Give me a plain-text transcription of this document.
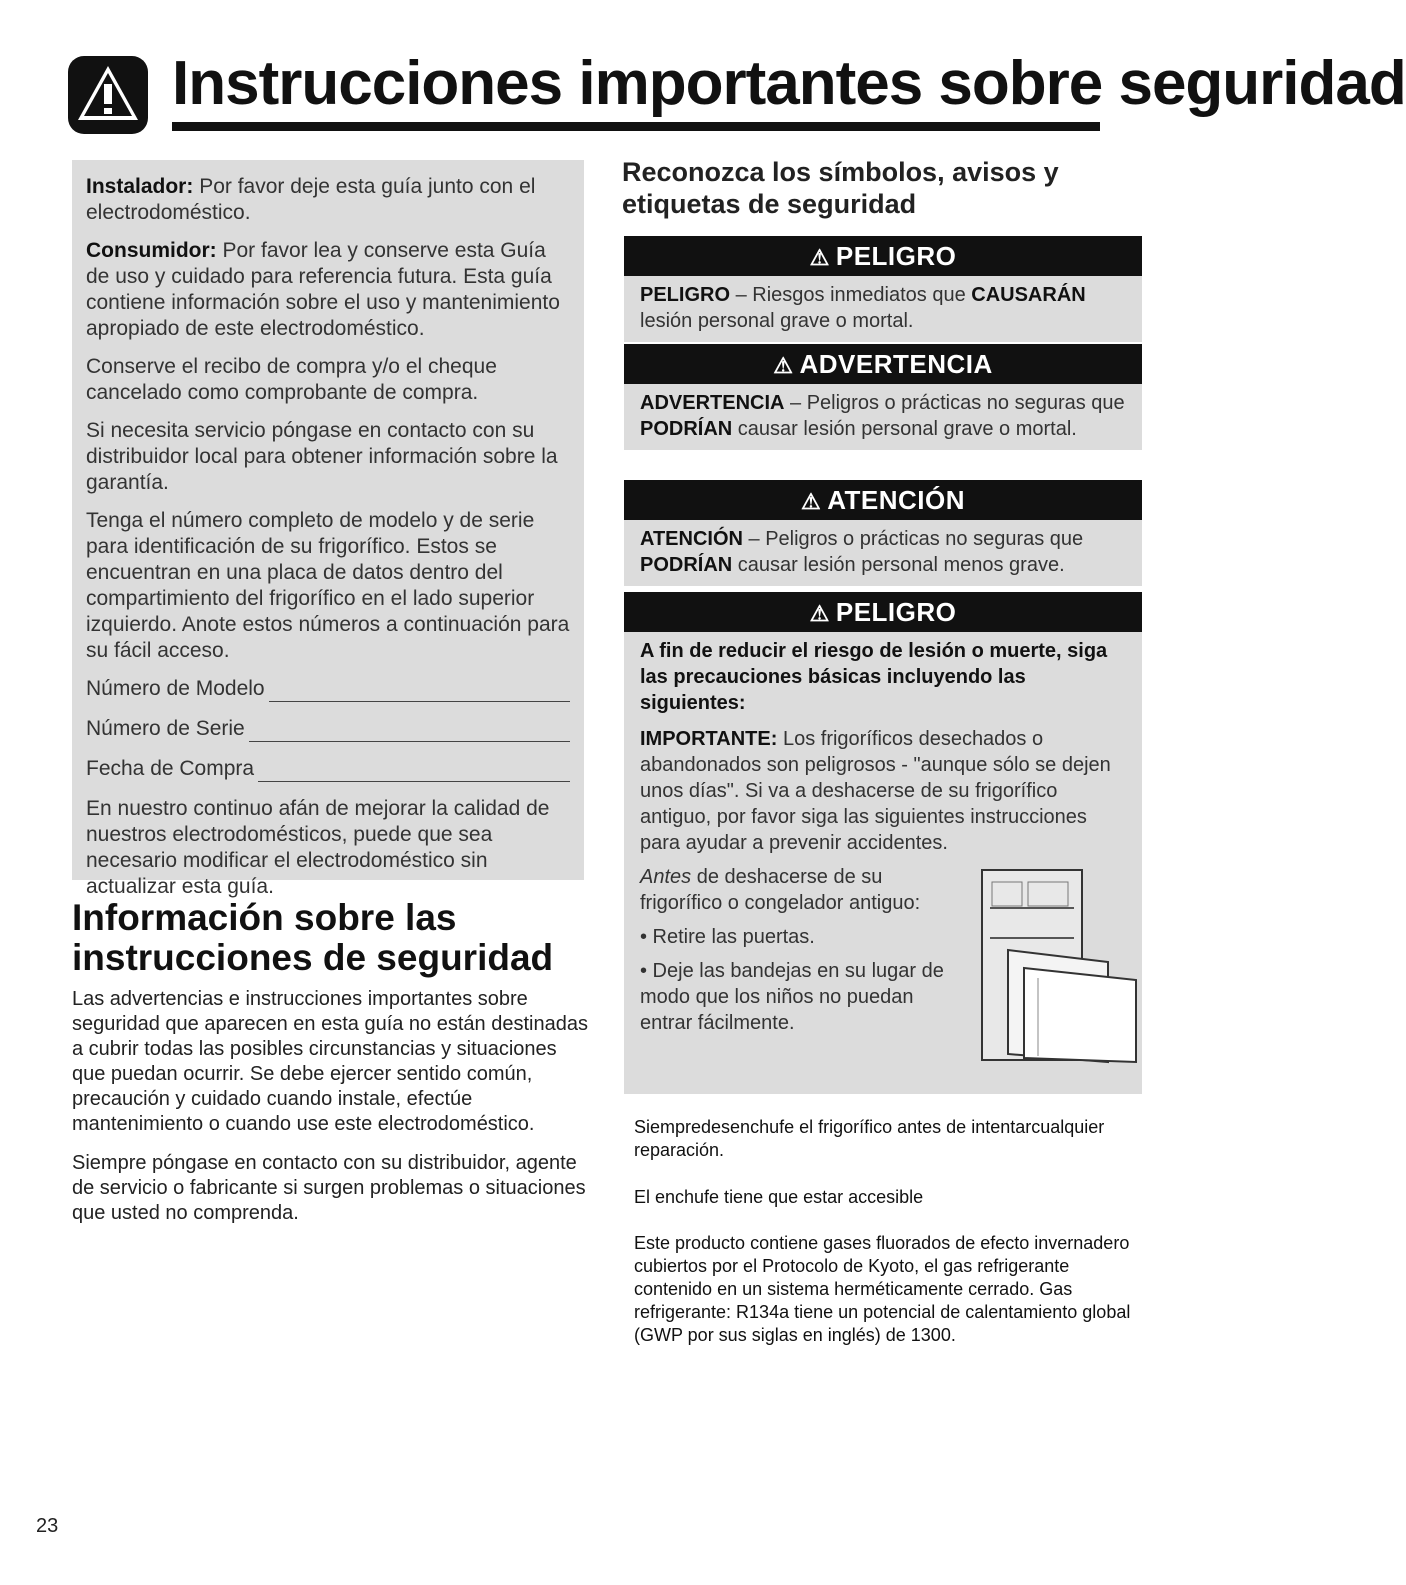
Instrucciones importantes sobre seguridad

Instalador: Por favor deje esta guía junto con el electrodoméstico.

Consumidor: Por favor lea y conserve esta Guía de uso y cuidado para referencia futura. Esta guía contiene información sobre el uso y mantenimiento apropiado de este electrodoméstico.

Conserve el recibo de compra y/o el cheque cancelado como comprobante de compra.

Si necesita servicio póngase en contacto con su distribuidor local para obtener información sobre la garantía.

Tenga el número completo de modelo y de serie para identificación de su frigorífico. Estos se encuentran en una placa de datos dentro del compartimiento del frigorífico en el lado superior izquierdo. Anote estos números a continuación para su fácil acceso.

Número de Modelo
Número de Serie
Fecha de Compra

En nuestro continuo afán de mejorar la calidad de nuestros electrodomésticos, puede que sea necesario modificar el electrodoméstico sin actualizar esta guía.

Información sobre las instrucciones de seguridad

Las advertencias e instrucciones importantes sobre seguridad que aparecen en esta guía no están destinadas a cubrir todas las posibles circunstancias y situaciones que puedan ocurrir. Se debe ejercer sentido común, precaución y cuidado cuando instale, efectúe mantenimiento o cuando use este electrodoméstico.

Siempre póngase en contacto con su distribuidor, agente de servicio o fabricante si surgen problemas o situaciones que usted no comprenda.

Reconozca los símbolos, avisos y etiquetas de seguridad
⚠ PELIGRO
PELIGRO – Riesgos inmediatos que CAUSARÁN lesión personal grave o mortal.
⚠ ADVERTENCIA
ADVERTENCIA – Peligros o prácticas no seguras que PODRÍAN causar lesión personal grave o mortal.
⚠ ATENCIÓN
ATENCIÓN – Peligros o prácticas no seguras que PODRÍAN causar lesión personal menos grave.
⚠ PELIGRO
A fin de reducir el riesgo de lesión o muerte, siga las precauciones básicas incluyendo las siguientes:
IMPORTANTE: Los frigoríficos desechados o abandonados son peligrosos - "aunque sólo se dejen unos días". Si va a deshacerse de su frigorífico antiguo, por favor siga las siguientes instrucciones para ayudar a prevenir accidentes.
Antes de deshacerse de su frigorífico o congelador antiguo:
• Retire las puertas.
• Deje las bandejas en su lugar de modo que los niños no puedan entrar fácilmente.
Siempredesenchufe el frigorífico antes de intentarcualquier reparación.
El enchufe tiene que estar accesible
Este producto contiene gases fluorados de efecto invernadero cubiertos por el Protocolo de Kyoto, el gas refrigerante contenido en un sistema herméticamente cerrado. Gas refrigerante: R134a tiene un potencial de calentamiento global (GWP por sus siglas en inglés) de 1300.
23
